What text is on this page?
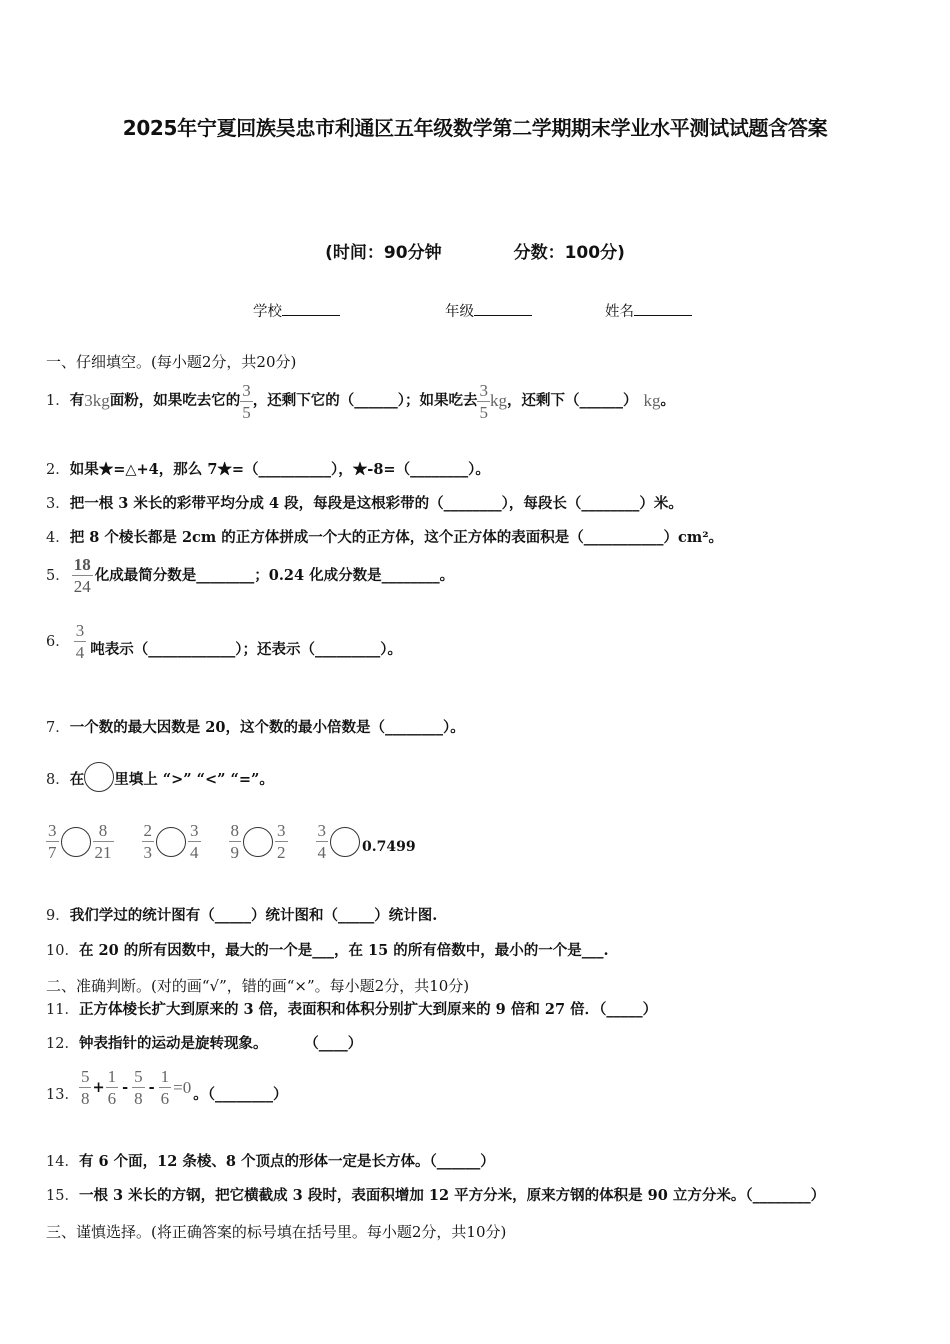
2025年宁夏回族吴忠市利通区五年级数学第二学期期末学业水平测试试题含答案
(时间：90分钟	分数：100分)
学校	年级	姓名
一、仔细填空。(每小题2分，共20分)
1． 有 3kg 面粉，如果吃去它的 $\frac{3}{5}$ ，还剩下它的（______）；如果吃去 $\frac{3}{5}$ kg ，还剩下（______） kg 。
2．如果★=△+4，那么 7★=（__________），★-8=（________）。
3．把一根 3 米长的彩带平均分成 4 段，每段是这根彩带的（________），每段长（________）米。
4．把 8 个棱长都是 2cm 的正方体拼成一个大的正方体，这个正方体的表面积是（___________）cm²。
5． $\frac{18}{24}$ 化成最简分数是________；0.24 化成分数是________。
6． $\frac{3}{4}$ 吨表示（____________）；还表示（_________）。
7．一个数的最大因数是 20，这个数的最小倍数是（________）。
8． 在 里填上 “>” “<” “=”。
$\frac{3}{7} \frac{8}{21} \frac{2}{3} \frac{3}{4} \frac{8}{9} \frac{3}{2} \frac{3}{4} 0.7499$
9．我们学过的统计图有（_____）统计图和（_____）统计图.
10．在 20 的所有因数中，最大的一个是___，在 15 的所有倍数中，最小的一个是___.
二、准确判断。(对的画“√”，错的画“×”。每小题2分，共10分)
11．正方体棱长扩大到原来的 3 倍，表面积和体积分别扩大到原来的 9 倍和 27 倍．（_____）
12．钟表指针的运动是旋转现象。	（____）
13． $\frac{5}{8} + \frac{1}{6} - \frac{5}{8} - \frac{1}{6} =0$ 。（________）
14．有 6 个面，12 条棱、8 个顶点的形体一定是长方体。（______）
15．一根 3 米长的方钢，把它横截成 3 段时，表面积增加 12 平方分米，原来方钢的体积是 90 立方分米。（________）
三、谨慎选择。(将正确答案的标号填在括号里。每小题2分，共10分)
